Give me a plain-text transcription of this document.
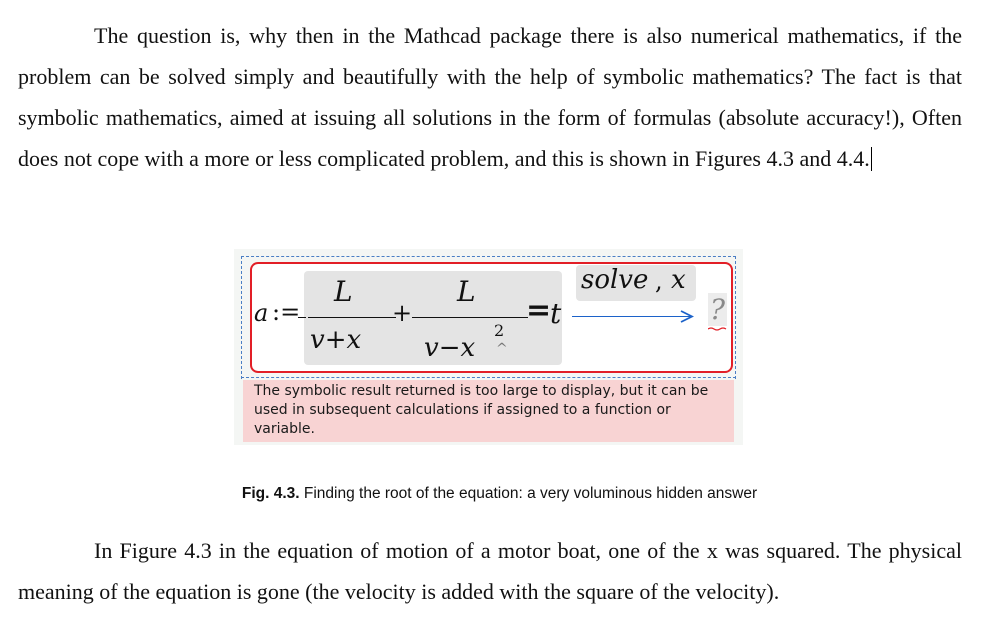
The question is, why then in the Mathcad package there is also numerical mathematics, if the problem can be solved simply and beautifully with the help of symbolic mathematics? The fact is that symbolic mathematics, aimed at issuing all solutions in the form of formulas (absolute accuracy!), Often does not cope with a more or less complicated problem, and this is shown in Figures 4.3 and 4.4.

a :=
L
v+x
+
L
v−x
2
^
=
t
solve , x
?

The symbolic result returned is too large to display, but it can be used in subsequent calculations if assigned to a function or variable.

Fig. 4.3. Finding the root of the equation: a very voluminous hidden answer

In Figure 4.3 in the equation of motion of a motor boat, one of the x was squared. The physical meaning of the equation is gone (the velocity is added with the square of the velocity).
